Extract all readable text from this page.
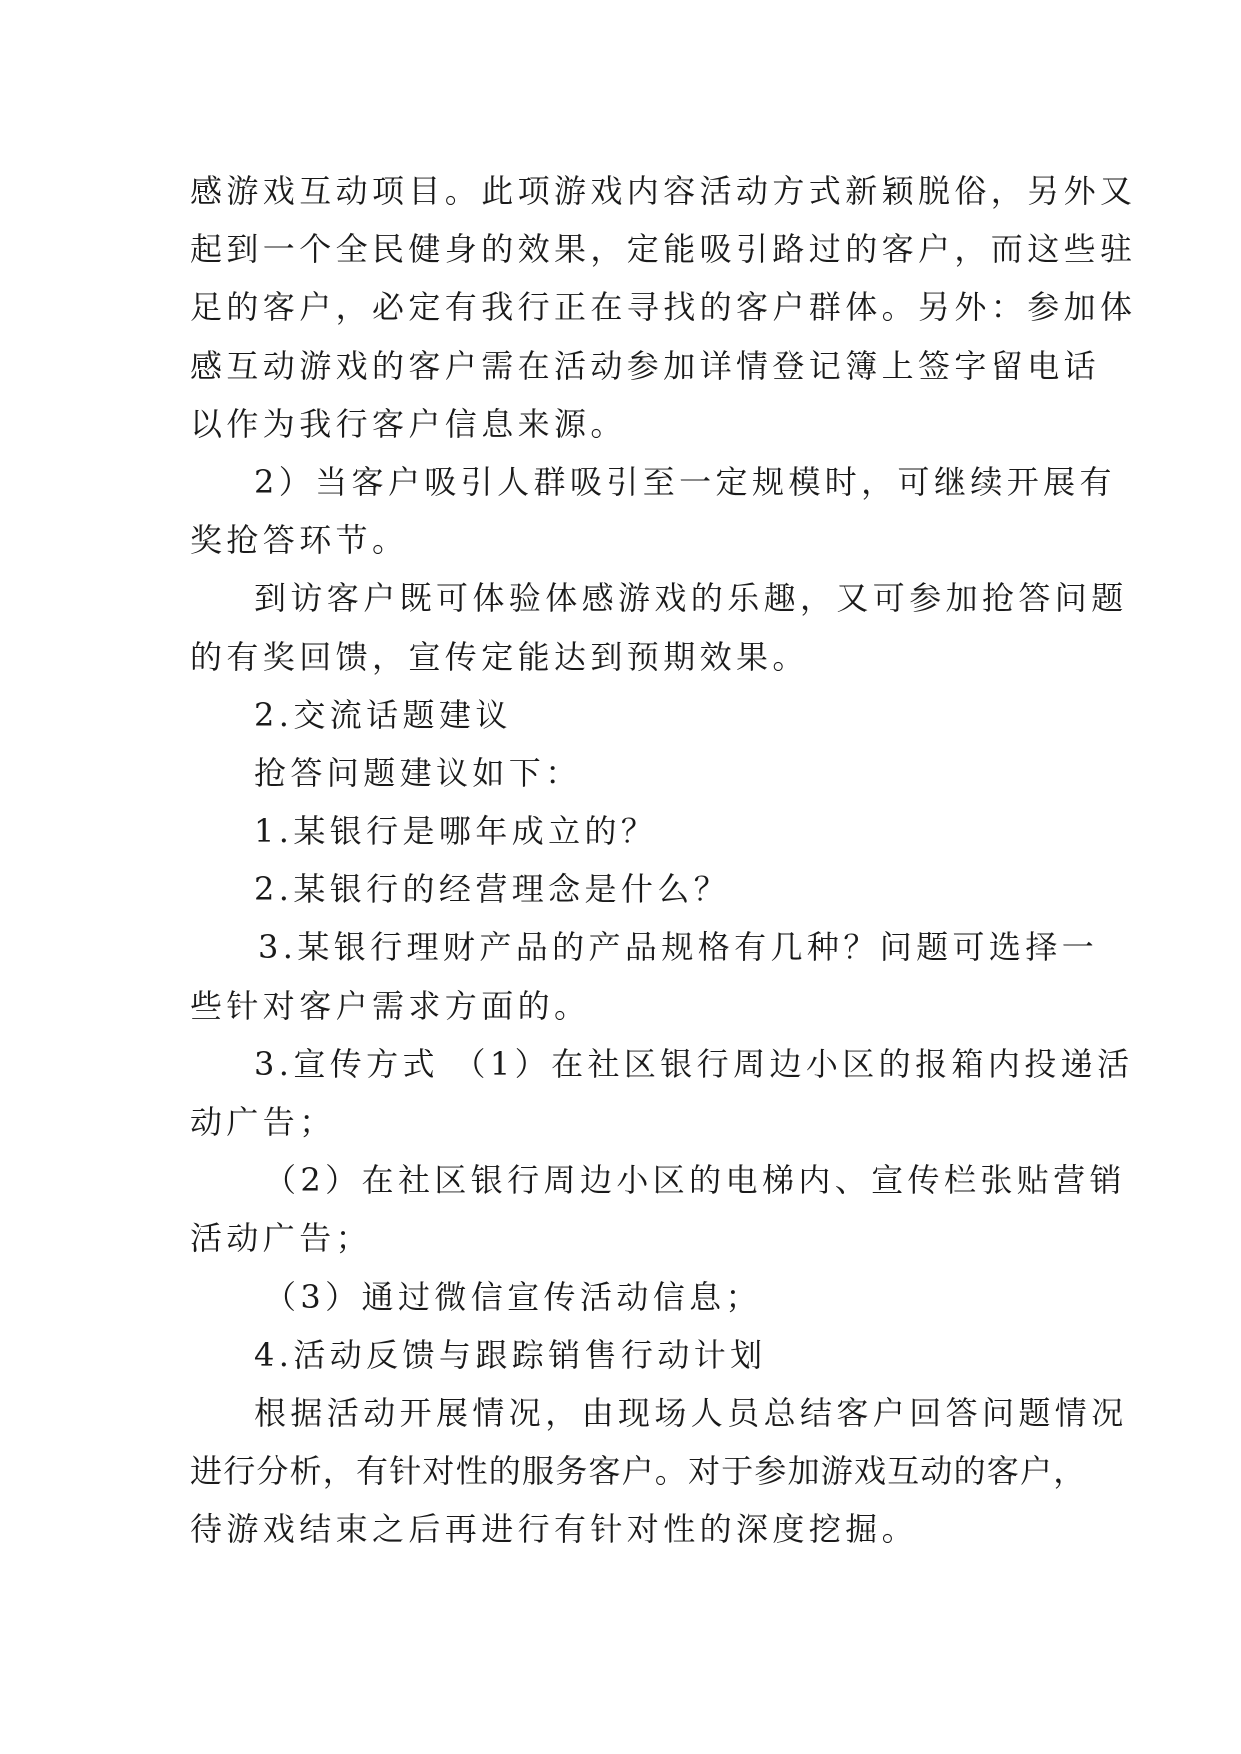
感游戏互动项目。此项游戏内容活动方式新颖脱俗，另外又
起到一个全民健身的效果，定能吸引路过的客户，而这些驻
足的客户，必定有我行正在寻找的客户群体。另外：参加体
感互动游戏的客户需在活动参加详情登记簿上签字留电话
以作为我行客户信息来源。
2）当客户吸引人群吸引至一定规模时，可继续开展有
奖抢答环节。
到访客户既可体验体感游戏的乐趣，又可参加抢答问题
的有奖回馈，宣传定能达到预期效果。
2.交流话题建议
抢答问题建议如下：
1.某银行是哪年成立的？
2.某银行的经营理念是什么？
3.某银行理财产品的产品规格有几种？问题可选择一
些针对客户需求方面的。
3.宣传方式 （1）在社区银行周边小区的报箱内投递活
动广告；
（2）在社区银行周边小区的电梯内、宣传栏张贴营销
活动广告；
（3）通过微信宣传活动信息；
4.活动反馈与跟踪销售行动计划
根据活动开展情况，由现场人员总结客户回答问题情况
进行分析，有针对性的服务客户。对于参加游戏互动的客户，
待游戏结束之后再进行有针对性的深度挖掘。
